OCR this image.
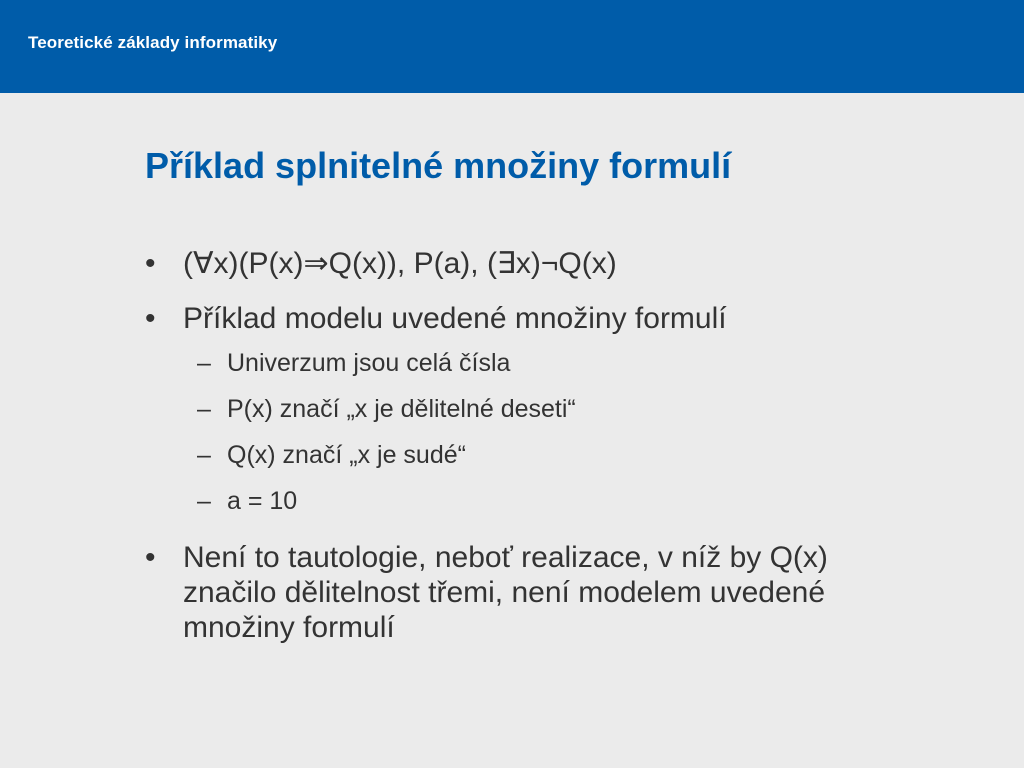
Teoretické základy informatiky
Příklad splnitelné množiny formulí
• (∀x)(P(x)⇒Q(x)), P(a), (∃x)¬Q(x)
• Příklad modelu uvedené množiny formulí
– Univerzum jsou celá čísla
– P(x) značí „x je dělitelné deseti“
– Q(x) značí „x je sudé“
– a = 10
• Není to tautologie, neboť realizace, v níž by Q(x) značilo dělitelnost třemi, není modelem uvedené množiny formulí
